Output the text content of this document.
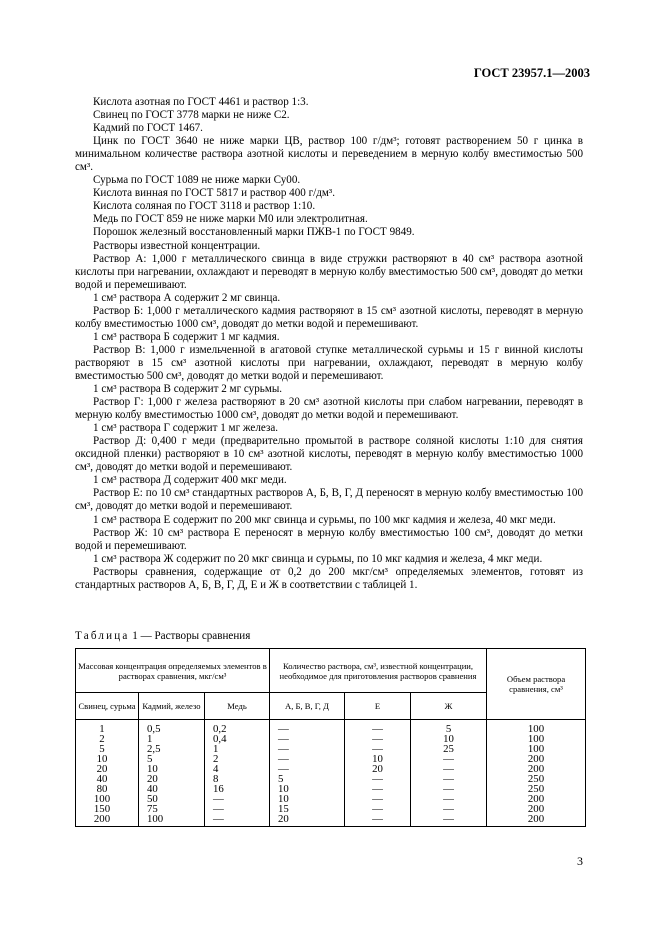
ГОСТ 23957.1—2003

Кислота азотная по ГОСТ 4461 и раствор 1:3.

Свинец по ГОСТ 3778 марки не ниже С2.

Кадмий по ГОСТ 1467.

Цинк по ГОСТ 3640 не ниже марки ЦВ, раствор 100 г/дм³; готовят растворением 50 г цинка в минимальном количестве раствора азотной кислоты и переведением в мерную колбу вместимостью 500 см³.

Сурьма по ГОСТ 1089 не ниже марки Су00.

Кислота винная по ГОСТ 5817 и раствор 400 г/дм³.

Кислота соляная по ГОСТ 3118 и раствор 1:10.

Медь по ГОСТ 859 не ниже марки М0 или электролитная.

Порошок железный восстановленный марки ПЖВ-1 по ГОСТ 9849.

Растворы известной концентрации.

Раствор А: 1,000 г металлического свинца в виде стружки растворяют в 40 см³ раствора азотной кислоты при нагревании, охлаждают и переводят в мерную колбу вместимостью 500 см³, доводят до метки водой и перемешивают.

1 см³ раствора А содержит 2 мг свинца.

Раствор Б: 1,000 г металлического кадмия растворяют в 15 см³ азотной кислоты, переводят в мерную колбу вместимостью 1000 см³, доводят до метки водой и перемешивают.

1 см³ раствора Б содержит 1 мг кадмия.

Раствор В: 1,000 г измельченной в агатовой ступке металлической сурьмы и 15 г винной кислоты растворяют в 15 см³ азотной кислоты при нагревании, охлаждают, переводят в мерную колбу вместимостью 500 см³, доводят до метки водой и перемешивают.

1 см³ раствора В содержит 2 мг сурьмы.

Раствор Г: 1,000 г железа растворяют в 20 см³ азотной кислоты при слабом нагревании, переводят в мерную колбу вместимостью 1000 см³, доводят до метки водой и перемешивают.

1 см³ раствора Г содержит 1 мг железа.

Раствор Д: 0,400 г меди (предварительно промытой в растворе соляной кислоты 1:10 для снятия оксидной пленки) растворяют в 10 см³ азотной кислоты, переводят в мерную колбу вместимостью 1000 см³, доводят до метки водой и перемешивают.

1 см³ раствора Д содержит 400 мкг меди.

Раствор Е: по 10 см³ стандартных растворов А, Б, В, Г, Д переносят в мерную колбу вместимостью 100 см³, доводят до метки водой и перемешивают.

1 см³ раствора Е содержит по 200 мкг свинца и сурьмы, по 100 мкг кадмия и железа, 40 мкг меди.

Раствор Ж: 10 см³ раствора Е переносят в мерную колбу вместимостью 100 см³, доводят до метки водой и перемешивают.

1 см³ раствора Ж содержит по 20 мкг свинца и сурьмы, по 10 мкг кадмия и железа, 4 мкг меди.

Растворы сравнения, содержащие от 0,2 до 200 мкг/см³ определяемых элементов, готовят из стандартных растворов А, Б, В, Г, Д, Е и Ж в соответствии с таблицей 1.

Таблица 1 — Растворы сравнения
Массовая концентрация определяемых элементов в растворах сравнения, мкг/см³			Количество раствора, см³, известной концентрации, необходимое для приготовления растворов сравнения			Объем раствора сравнения, см³
Свинец, сурьма	Кадмий, железо	Медь	А, Б, В, Г, Д	Е	Ж	
1	0,5	0,2	—	—	5	100
2	1	0,4	—	—	10	100
5	2,5	1	—	—	25	100
10	5	2	—	10	—	200
20	10	4	—	20	—	200
40	20	8	5	—	—	250
80	40	16	10	—	—	250
100	50	—	10	—	—	200
150	75	—	15	—	—	200
200	100	—	20	—	—	200
3
